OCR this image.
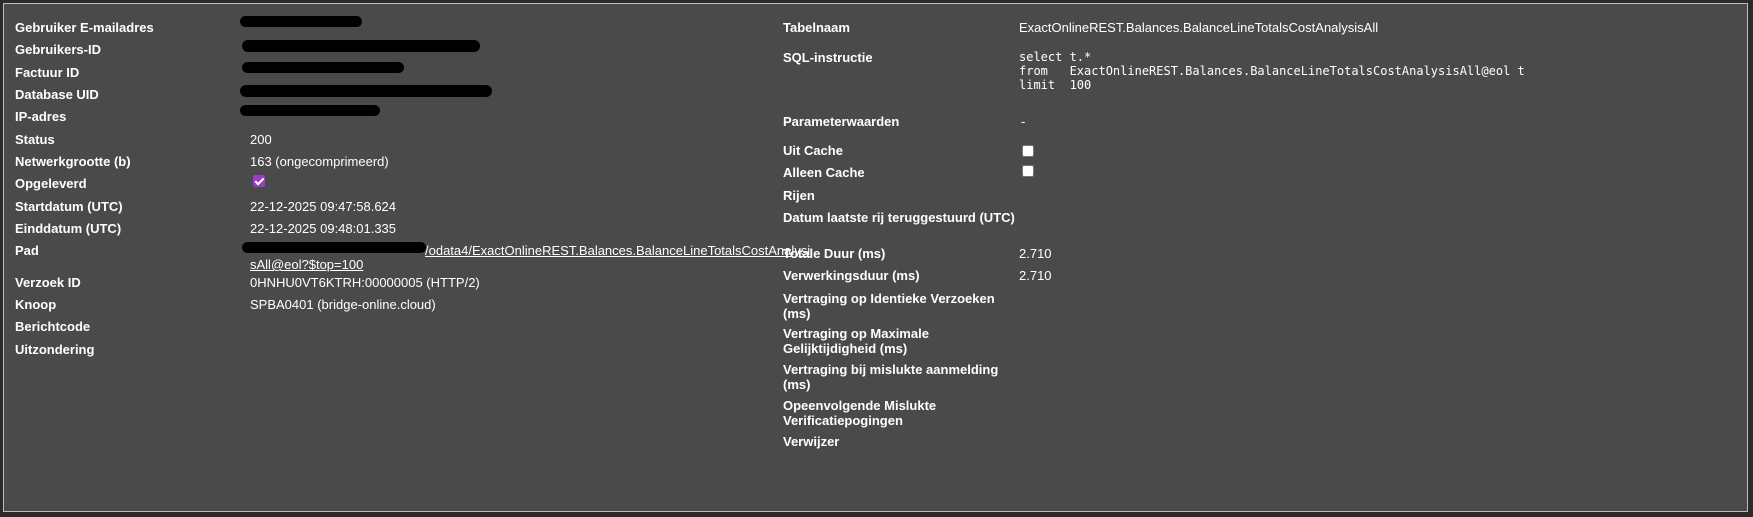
Gebruiker E-mailadres
Gebruikers-ID
Factuur ID
Database UID
IP-adres
Status
Netwerkgrootte (b)
Opgeleverd
Startdatum (UTC)
Einddatum (UTC)
Pad
Verzoek ID
Knoop
Berichtcode
Uitzondering
200
163 (ongecomprimeerd)
22-12-2025 09:47:58.624
22-12-2025 09:48:01.335
/odata4/ExactOnlineREST.Balances.BalanceLineTotalsCostAnalysi
sAll@eol?$top=100
0HNHU0VT6KTRH:00000005 (HTTP/2)
SPBA0401 (bridge-online.cloud)
Tabelnaam
SQL-instructie
Parameterwaarden
Uit Cache
Alleen Cache
Rijen
Datum laatste rij teruggestuurd (UTC)
Totale Duur (ms)
Verwerkingsduur (ms)
Vertraging op Identieke Verzoeken (ms)
Vertraging op Maximale Gelijktijdigheid (ms)
Vertraging bij mislukte aanmelding (ms)
Opeenvolgende Mislukte Verificatiepogingen
Verwijzer
ExactOnlineREST.Balances.BalanceLineTotalsCostAnalysisAll
select t.*
from   ExactOnlineREST.Balances.BalanceLineTotalsCostAnalysisAll@eol t
limit  100
-
2.710
2.710
